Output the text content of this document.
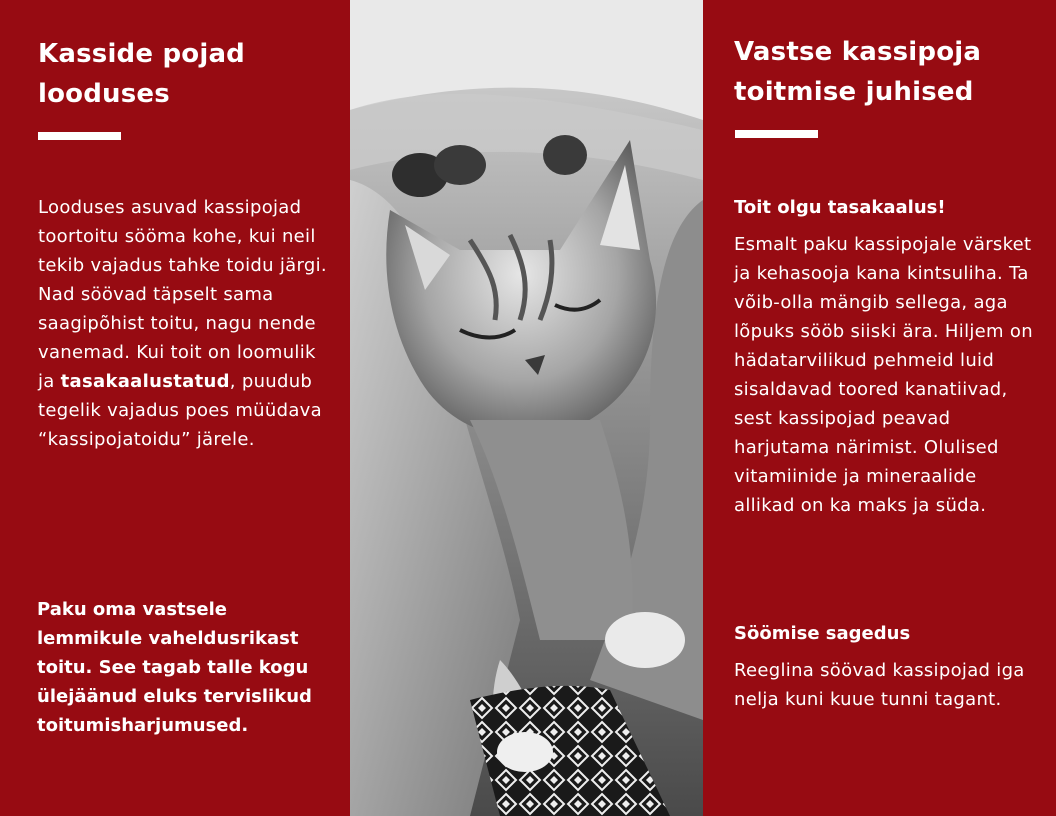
Kasside pojad looduses

Looduses asuvad kassipojad toortoitu sööma kohe, kui neil tekib vajadus tahke toidu järgi. Nad söövad täpselt sama saagipõhist toitu, nagu nende vanemad. Kui toit on loomulik ja tasakaalustatud, puudub tegelik vajadus poes müüdava “kassipojatoidu” järele.

Paku oma vastsele lemmikule vaheldusrikast toitu. See tagab talle kogu ülejäänud eluks tervislikud toitumisharjumused.

Vastse kassipoja toitmise juhised
Toit olgu tasakaalus!

Esmalt paku kassipojale värsket ja kehasooja kana kintsuliha. Ta võib-olla mängib sellega, aga lõpuks sööb siiski ära. Hiljem on hädatarvilikud pehmeid luid sisaldavad toored kanatiivad, sest kassipojad peavad harjutama närimist. Olulised vitamiinide ja mineraalide allikad on ka maks ja süda.

Söömise sagedus

Reeglina söövad kassipojad iga nelja kuni kuue tunni tagant.
